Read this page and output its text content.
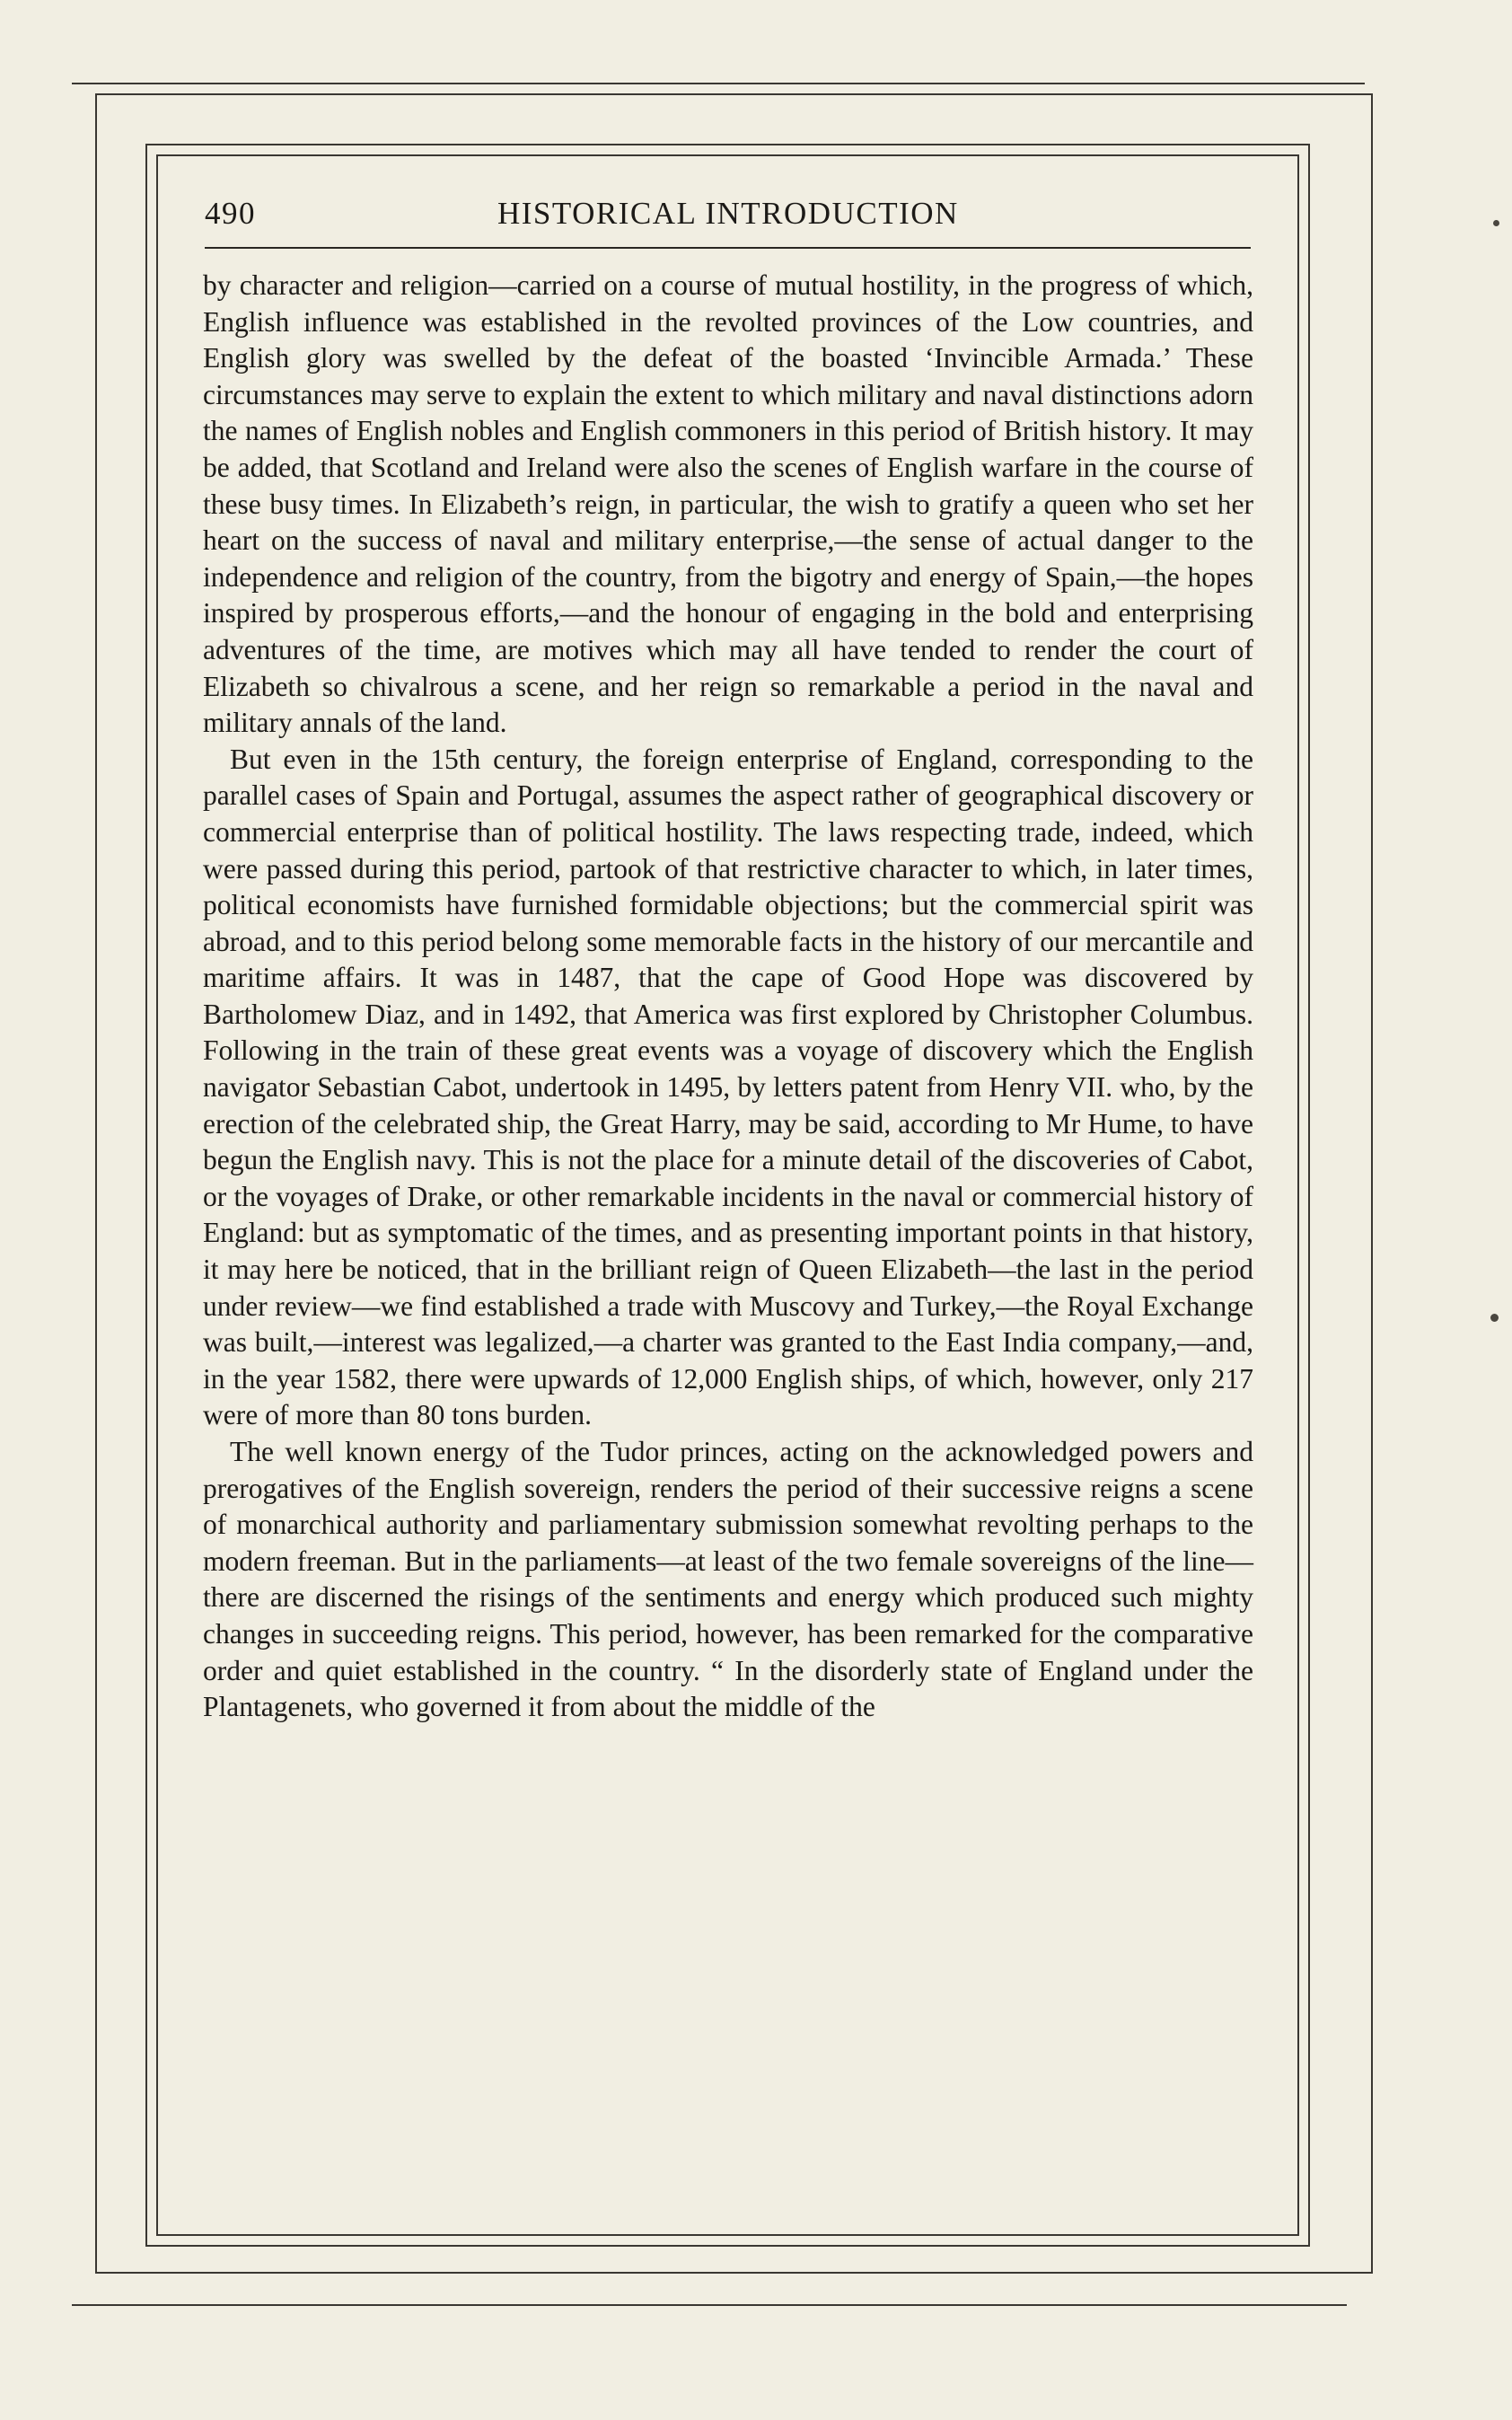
490	HISTORICAL INTRODUCTION

by character and religion—carried on a course of mutual hostility, in the progress of which, English influence was established in the revolted provinces of the Low countries, and English glory was swelled by the defeat of the boasted ‘Invincible Armada.’ These circumstances may serve to explain the extent to which military and naval distinctions adorn the names of English nobles and English commoners in this period of British history. It may be added, that Scotland and Ireland were also the scenes of English warfare in the course of these busy times. In Elizabeth’s reign, in particular, the wish to gratify a queen who set her heart on the success of naval and military enterprise,—the sense of actual danger to the independence and religion of the country, from the bigotry and energy of Spain,—the hopes inspired by prosperous efforts,—and the honour of engaging in the bold and enterprising adventures of the time, are motives which may all have tended to render the court of Elizabeth so chivalrous a scene, and her reign so remarkable a period in the naval and military annals of the land.

But even in the 15th century, the foreign enterprise of England, corresponding to the parallel cases of Spain and Portugal, assumes the aspect rather of geographical discovery or commercial enterprise than of political hostility. The laws respecting trade, indeed, which were passed during this period, partook of that restrictive character to which, in later times, political economists have furnished formidable objections; but the commercial spirit was abroad, and to this period belong some memorable facts in the history of our mercantile and maritime affairs. It was in 1487, that the cape of Good Hope was discovered by Bartholomew Diaz, and in 1492, that America was first explored by Christopher Columbus. Following in the train of these great events was a voyage of discovery which the English navigator Sebastian Cabot, undertook in 1495, by letters patent from Henry VII. who, by the erection of the celebrated ship, the Great Harry, may be said, according to Mr Hume, to have begun the English navy. This is not the place for a minute detail of the discoveries of Cabot, or the voyages of Drake, or other remarkable incidents in the naval or commercial history of England: but as symptomatic of the times, and as presenting important points in that history, it may here be noticed, that in the brilliant reign of Queen Elizabeth—the last in the period under review—we find established a trade with Muscovy and Turkey,—the Royal Exchange was built,—interest was legalized,—a charter was granted to the East India company,—and, in the year 1582, there were upwards of 12,000 English ships, of which, however, only 217 were of more than 80 tons burden.

The well known energy of the Tudor princes, acting on the acknowledged powers and prerogatives of the English sovereign, renders the period of their successive reigns a scene of monarchical authority and parliamentary submission somewhat revolting perhaps to the modern freeman. But in the parliaments—at least of the two female sovereigns of the line—there are discerned the risings of the sentiments and energy which produced such mighty changes in succeeding reigns. This period, however, has been remarked for the comparative order and quiet established in the country. “ In the disorderly state of England under the Plantagenets, who governed it from about the middle of the
